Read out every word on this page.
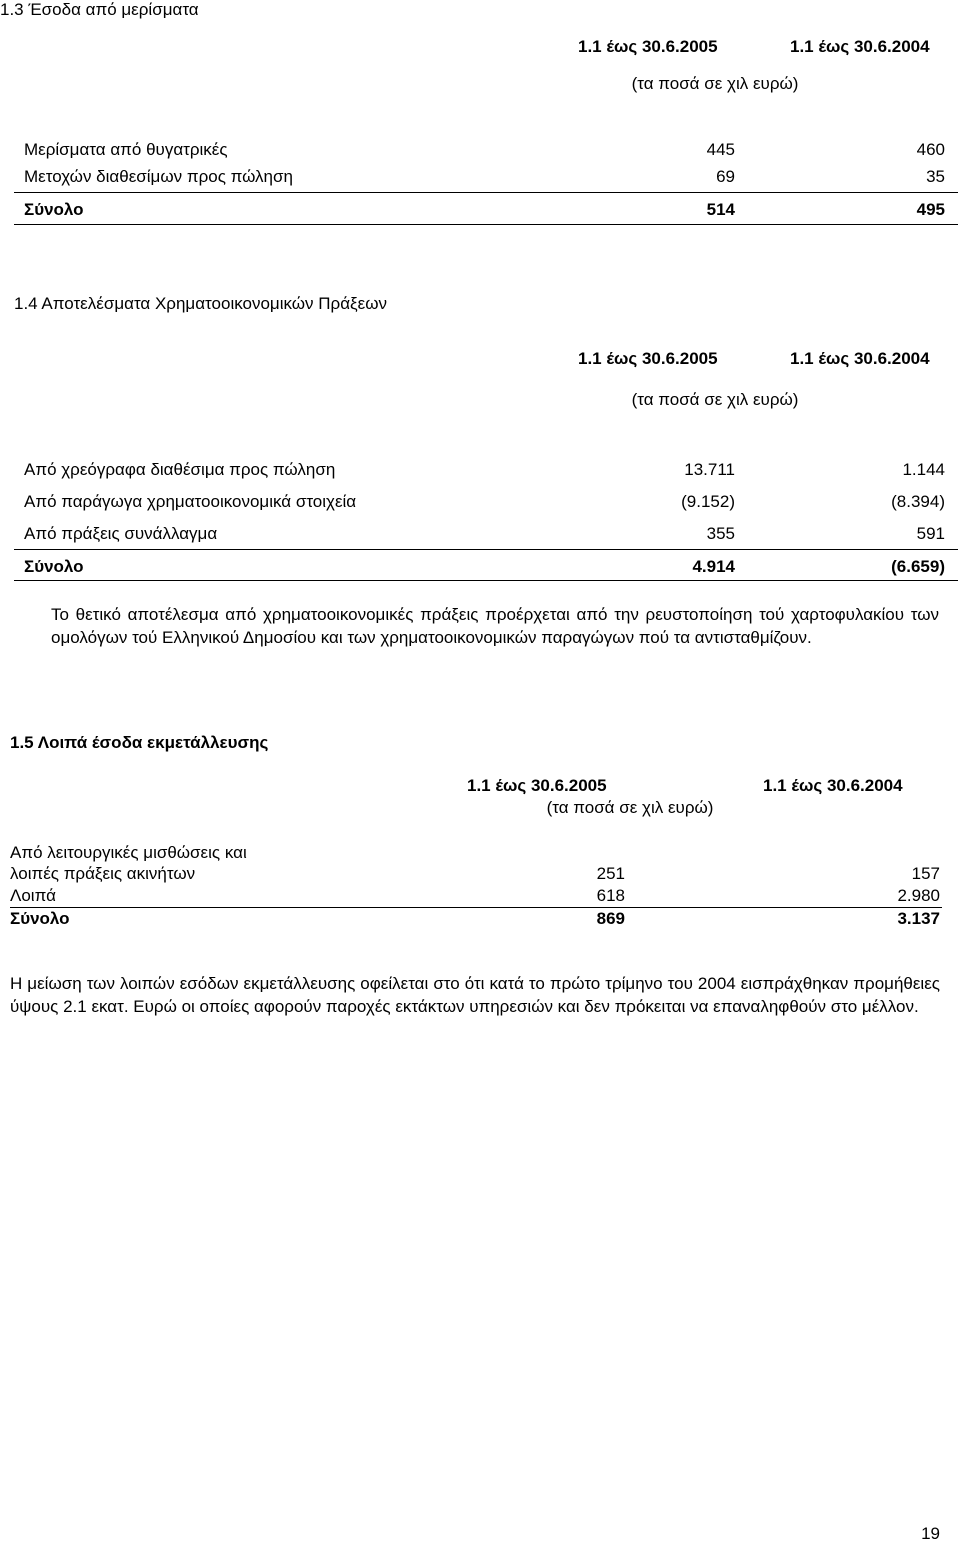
1.3 Έσοδα από μερίσματα
1.1 έως 30.6.2005	1.1 έως 30.6.2004
(τα ποσά σε χιλ ευρώ)
Μερίσματα από θυγατρικές	445	460
Μετοχών διαθεσίμων προς πώληση	69	35
Σύνολο	514	495
1.4 Αποτελέσματα Χρηματοοικονομικών Πράξεων
1.1 έως 30.6.2005	1.1 έως 30.6.2004
(τα ποσά σε χιλ ευρώ)
Από χρεόγραφα διαθέσιμα προς πώληση	13.711	1.144
Από παράγωγα χρηματοοικονομικά στοιχεία	(9.152)	(8.394)
Από πράξεις συνάλλαγμα	355	591
Σύνολο	4.914	(6.659)
Το θετικό αποτέλεσμα από χρηματοοικονομικές πράξεις προέρχεται από την ρευστοποίηση τού χαρτοφυλακίου των ομολόγων τού Ελληνικού Δημοσίου και των χρηματοοικονομικών παραγώγων πού τα αντισταθμίζουν.
1.5 Λοιπά έσοδα εκμετάλλευσης
1.1 έως 30.6.2005	1.1 έως 30.6.2004
(τα ποσά σε χιλ ευρώ)
Από λειτουργικές μισθώσεις και
λοιπές πράξεις ακινήτων	251	157
Λοιπά	618	2.980
Σύνολο	869	3.137
Η μείωση των λοιπών εσόδων εκμετάλλευσης οφείλεται στο ότι κατά το πρώτο τρίμηνο του 2004 εισπράχθηκαν προμήθειες ύψους 2.1 εκατ. Ευρώ οι οποίες αφορούν παροχές εκτάκτων υπηρεσιών και δεν πρόκειται να επαναληφθούν στο μέλλον.
19
